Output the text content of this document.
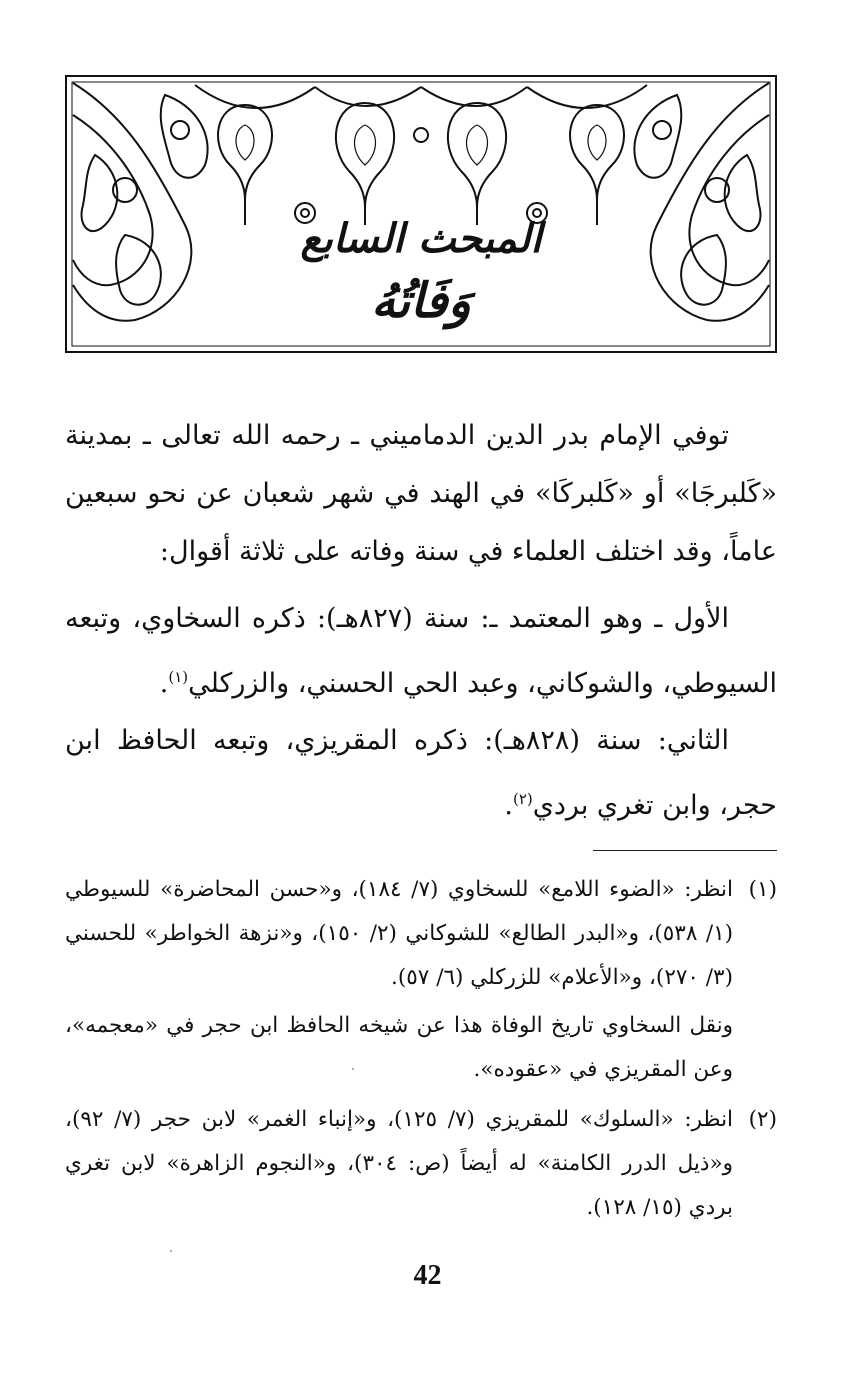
المبحث السابع
وَفَاتُهُ

توفي الإمام بدر الدين الدماميني ـ رحمه الله تعالى ـ بمدينة «كَلبرجَا» أو «كَلبركَا» في الهند في شهر شعبان عن نحو سبعين عاماً، وقد اختلف العلماء في سنة وفاته على ثلاثة أقوال:

الأول ـ وهو المعتمد ـ: سنة (٨٢٧هـ): ذكره السخاوي، وتبعه السيوطي، والشوكاني، وعبد الحي الحسني، والزركلي$^{(١)}$.

الثاني: سنة (٨٢٨هـ): ذكره المقريزي، وتبعه الحافظ ابن حجر، وابن تغري بردي$^{(٢)}$.

(١)
انظر: «الضوء اللامع» للسخاوي (٧/ ١٨٤)، و«حسن المحاضرة» للسيوطي (١/ ٥٣٨)، و«البدر الطالع» للشوكاني (٢/ ١٥٠)، و«نزهة الخواطر» للحسني (٣/ ٢٧٠)، و«الأعلام» للزركلي (٦/ ٥٧).
ونقل السخاوي تاريخ الوفاة هذا عن شيخه الحافظ ابن حجر في «معجمه»، وعن المقريزي في «عقوده».
(٢)
انظر: «السلوك» للمقريزي (٧/ ١٢٥)، و«إنباء الغمر» لابن حجر (٧/ ٩٢)، و«ذيل الدرر الكامنة» له أيضاً (ص: ٣٠٤)، و«النجوم الزاهرة» لابن تغري بردي (١٥/ ١٢٨).
42
